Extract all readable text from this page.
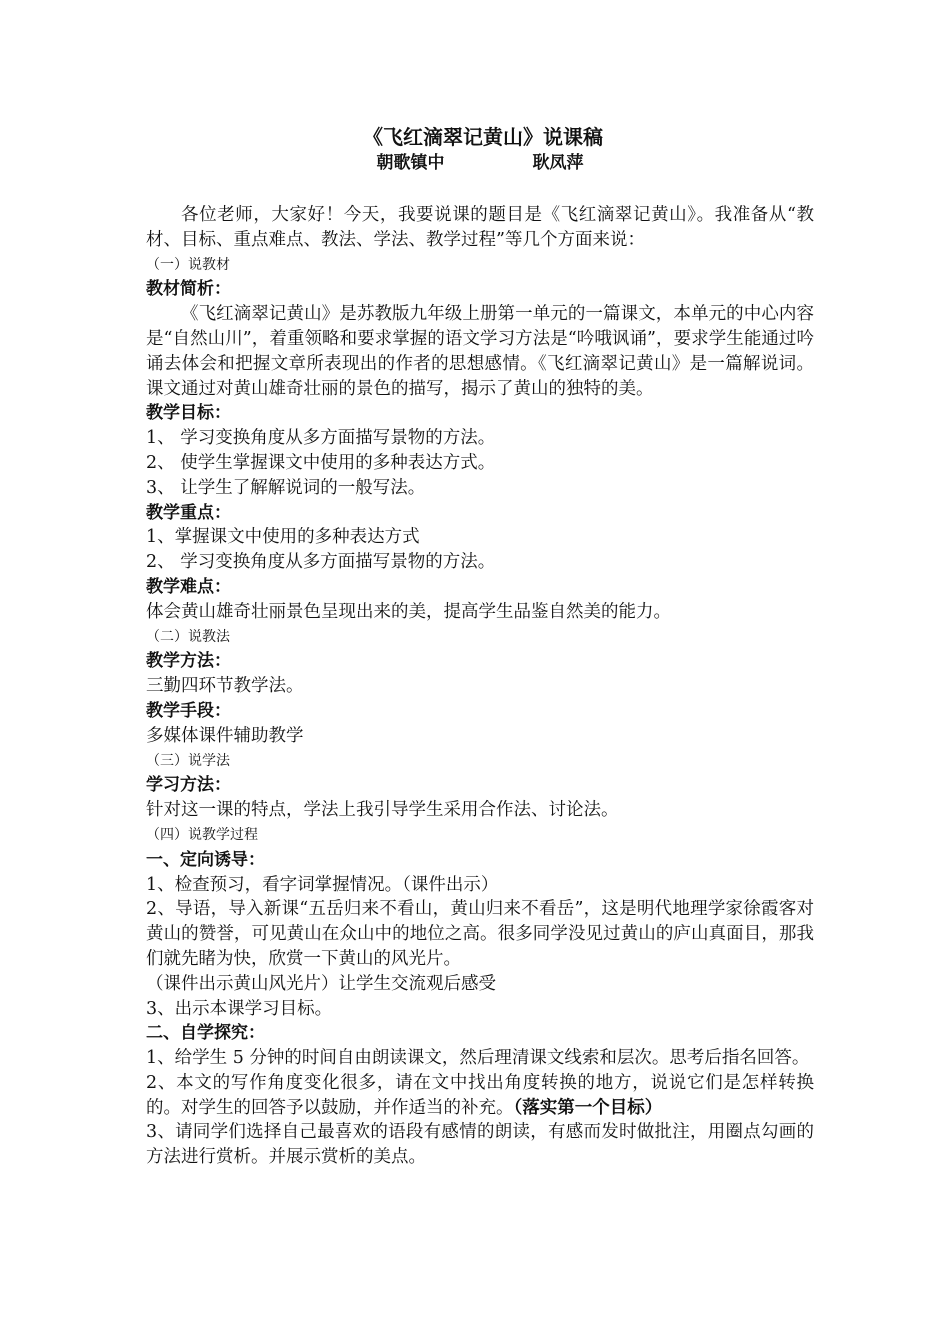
《飞红滴翠记黄山》说课稿
朝歌镇中	耿凤萍

各位老师，大家好！今天，我要说课的题目是《飞红滴翠记黄山》。我准备从“教材、目标、重点难点、教法、学法、教学过程”等几个方面来说：

（一）说教材

教材简析：

《飞红滴翠记黄山》是苏教版九年级上册第一单元的一篇课文，本单元的中心内容是“自然山川”，着重领略和要求掌握的语文学习方法是“吟哦讽诵”，要求学生能通过吟诵去体会和把握文章所表现出的作者的思想感情。《飞红滴翠记黄山》是一篇解说词。课文通过对黄山雄奇壮丽的景色的描写，揭示了黄山的独特的美。

教学目标：

1、 学习变换角度从多方面描写景物的方法。

2、 使学生掌握课文中使用的多种表达方式。

3、 让学生了解解说词的一般写法。

教学重点：

1、掌握课文中使用的多种表达方式

2、 学习变换角度从多方面描写景物的方法。

教学难点：

体会黄山雄奇壮丽景色呈现出来的美，提高学生品鉴自然美的能力。

（二）说教法

教学方法：

三勤四环节教学法。

教学手段：

多媒体课件辅助教学

（三）说学法

学习方法：

针对这一课的特点，学法上我引导学生采用合作法、讨论法。

（四）说教学过程

一、定向诱导：

1、检查预习，看字词掌握情况。（课件出示）

2、导语，导入新课“五岳归来不看山，黄山归来不看岳”，这是明代地理学家徐霞客对黄山的赞誉，可见黄山在众山中的地位之高。很多同学没见过黄山的庐山真面目，那我们就先睹为快，欣赏一下黄山的风光片。

（课件出示黄山风光片）让学生交流观后感受

3、出示本课学习目标。

二、自学探究：

1、给学生 5 分钟的时间自由朗读课文，然后理清课文线索和层次。思考后指名回答。

2、本文的写作角度变化很多，请在文中找出角度转换的地方，说说它们是怎样转换的。对学生的回答予以鼓励，并作适当的补充。（落实第一个目标）

3、请同学们选择自己最喜欢的语段有感情的朗读，有感而发时做批注，用圈点勾画的方法进行赏析。并展示赏析的美点。
